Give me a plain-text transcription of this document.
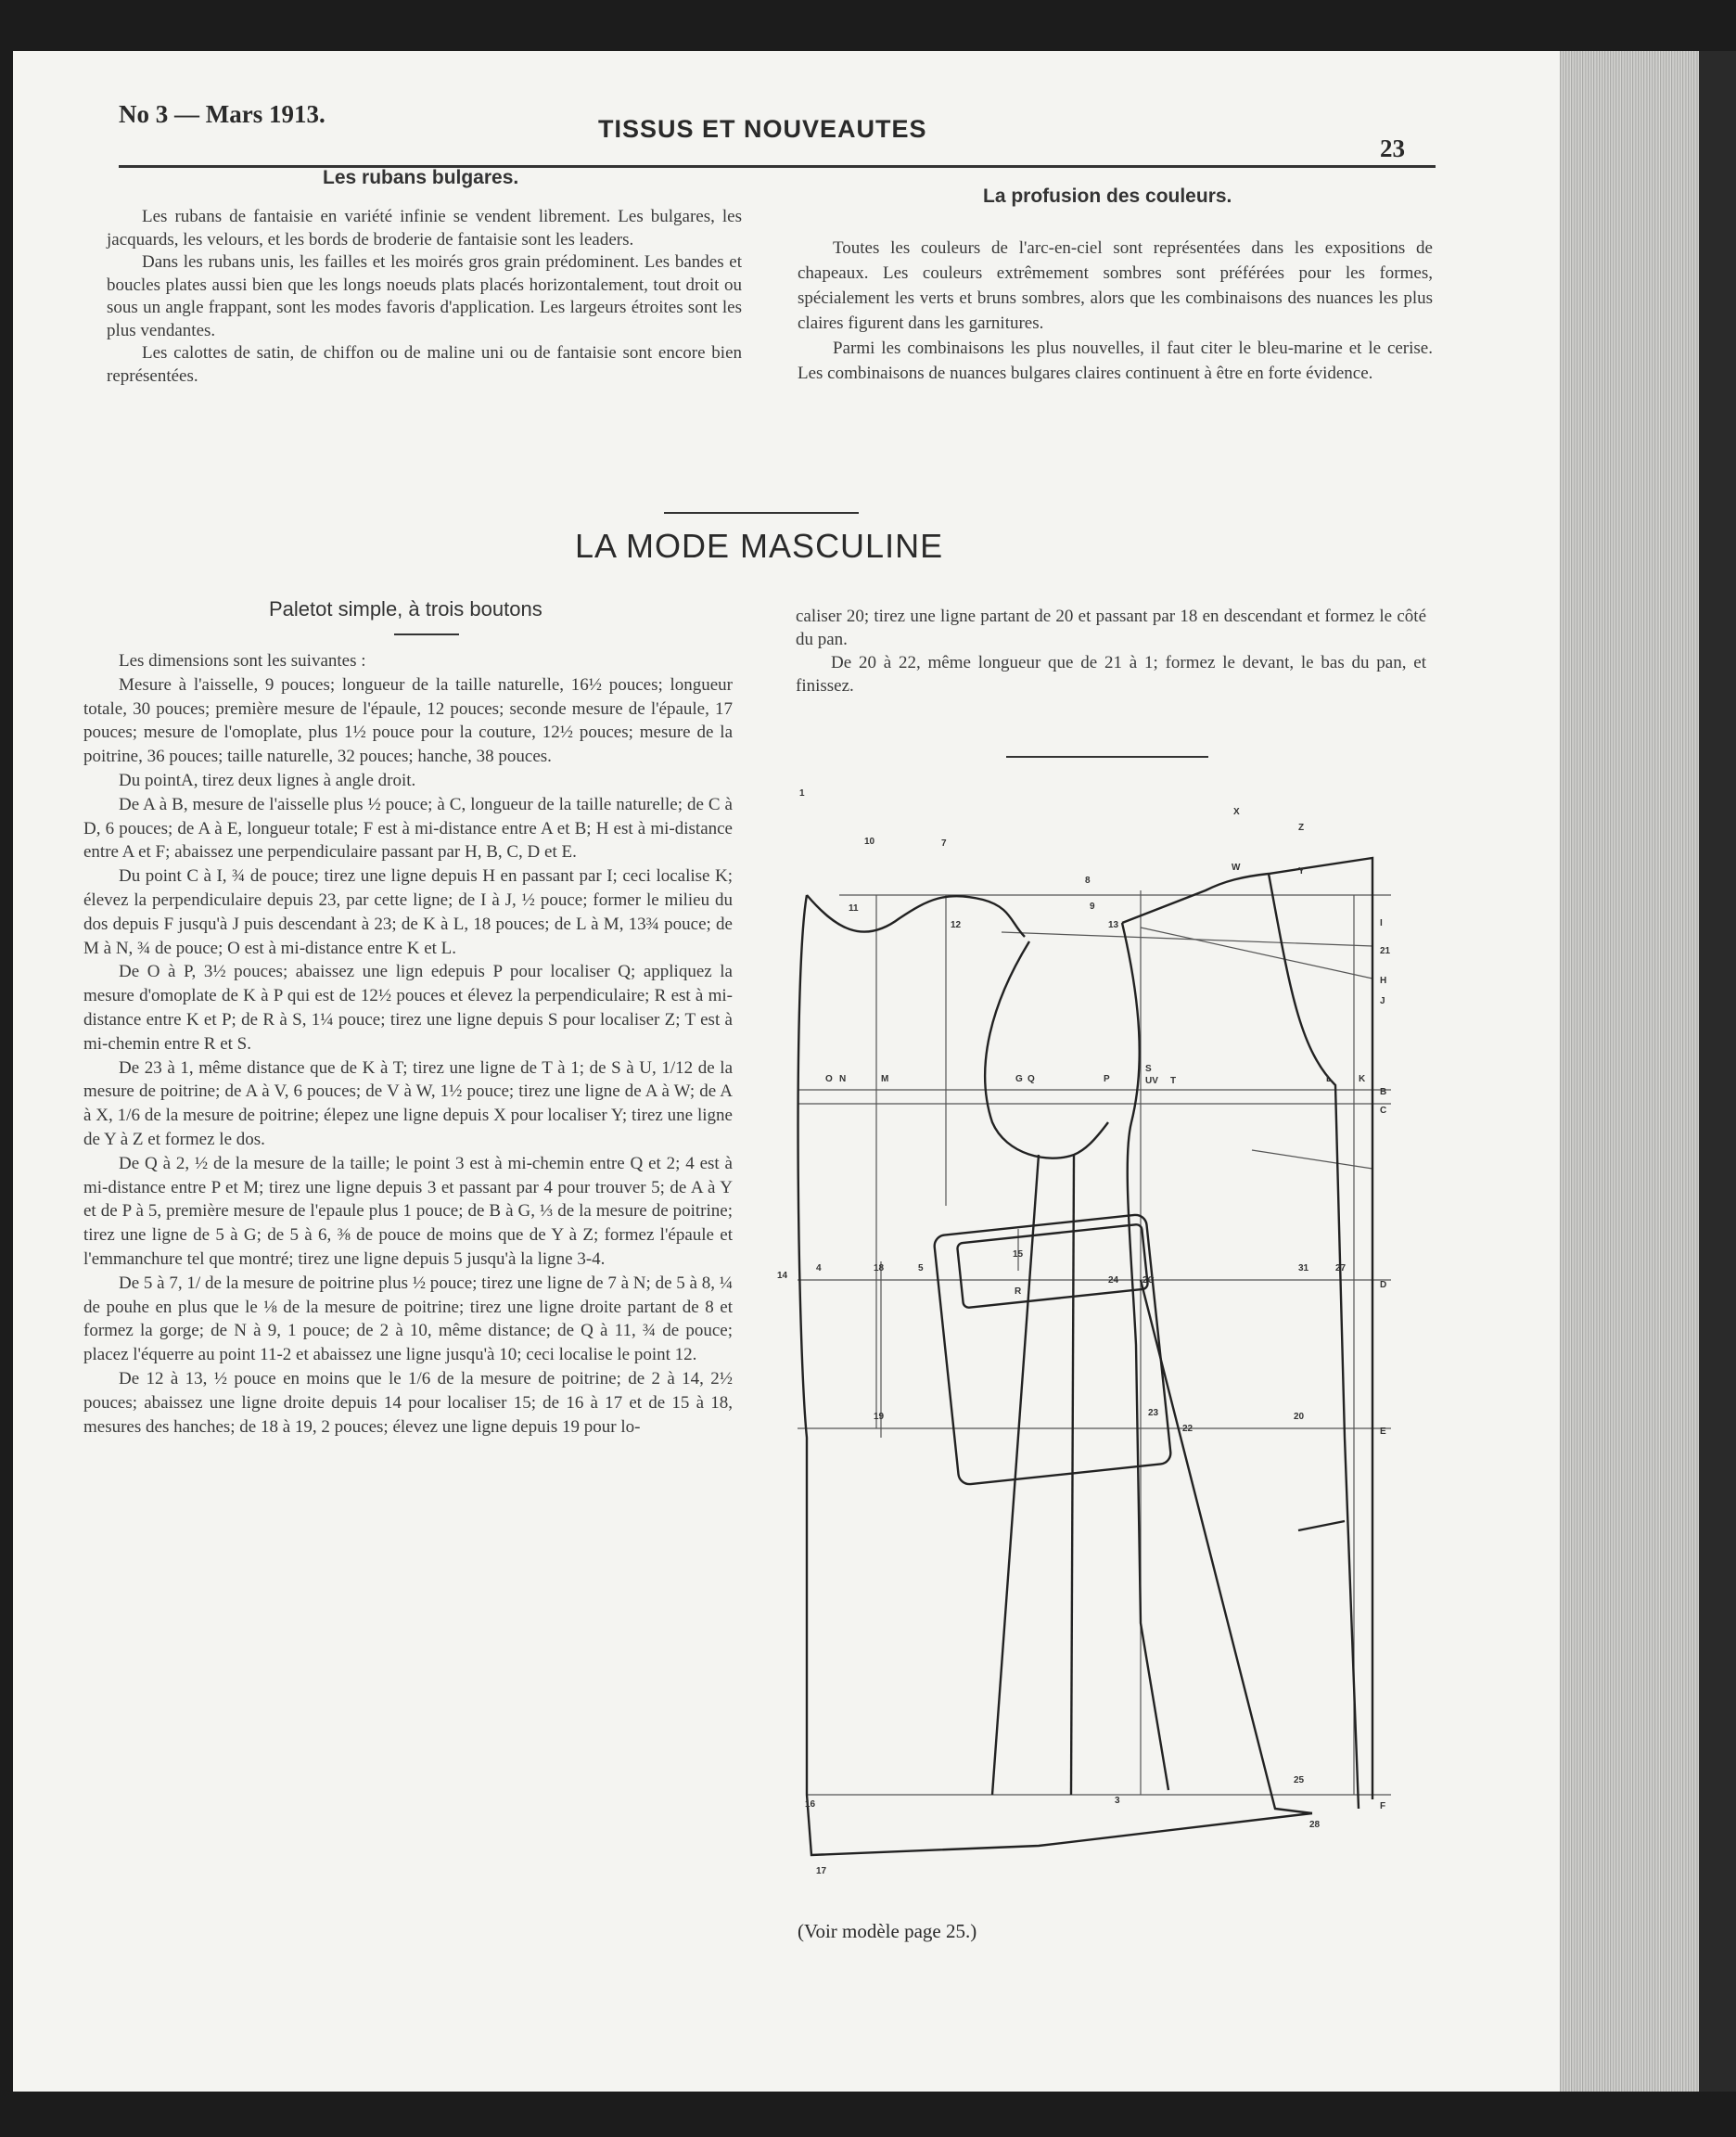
No 3 — Mars 1913.
TISSUS ET NOUVEAUTES
23
Les rubans bulgares.

Les rubans de fantaisie en variété infinie se vendent librement. Les bulgares, les jacquards, les velours, et les bords de broderie de fantaisie sont les leaders.

Dans les rubans unis, les failles et les moirés gros grain prédominent. Les bandes et boucles plates aussi bien que les longs noeuds plats placés horizontalement, tout droit ou sous un angle frappant, sont les modes favoris d'application. Les largeurs étroites sont les plus vendantes.

Les calottes de satin, de chiffon ou de maline uni ou de fantaisie sont encore bien représentées.

La profusion des couleurs.

Toutes les couleurs de l'arc-en-ciel sont représentées dans les expositions de chapeaux. Les couleurs extrêmement sombres sont préférées pour les formes, spécialement les verts et bruns sombres, alors que les combinaisons des nuances les plus claires figurent dans les garnitures.

Parmi les combinaisons les plus nouvelles, il faut citer le bleu-marine et le cerise. Les combinaisons de nuances bulgares claires continuent à être en forte évidence.

LA MODE MASCULINE
Paletot simple, à trois boutons

Les dimensions sont les suivantes :

Mesure à l'aisselle, 9 pouces; longueur de la taille naturelle, 16½ pouces; longueur totale, 30 pouces; première mesure de l'épaule, 12 pouces; seconde mesure de l'épaule, 17 pouces; mesure de l'omoplate, plus 1½ pouce pour la couture, 12½ pouces; mesure de la poitrine, 36 pouces; taille naturelle, 32 pouces; hanche, 38 pouces.

Du pointA, tirez deux lignes à angle droit.

De A à B, mesure de l'aisselle plus ½ pouce; à C, longueur de la taille naturelle; de C à D, 6 pouces; de A à E, longueur totale; F est à mi-distance entre A et B; H est à mi-distance entre A et F; abaissez une perpendiculaire passant par H, B, C, D et E.

Du point C à I, ¾ de pouce; tirez une ligne depuis H en passant par I; ceci localise K; élevez la perpendiculaire depuis 23, par cette ligne; de I à J, ½ pouce; former le milieu du dos depuis F jusqu'à J puis descendant à 23; de K à L, 18 pouces; de L à M, 13¾ pouce; de M à N, ¾ de pouce; O est à mi-distance entre K et L.

De O à P, 3½ pouces; abaissez une lign edepuis P pour localiser Q; appliquez la mesure d'omoplate de K à P qui est de 12½ pouces et élevez la perpendiculaire; R est à mi-distance entre K et P; de R à S, 1¼ pouce; tirez une ligne depuis S pour localiser Z; T est à mi-chemin entre R et S.

De 23 à 1, même distance que de K à T; tirez une ligne de T à 1; de S à U, 1/12 de la mesure de poitrine; de A à V, 6 pouces; de V à W, 1½ pouce; tirez une ligne de A à W; de A à X, 1/6 de la mesure de poitrine; élepez une ligne depuis X pour localiser Y; tirez une ligne de Y à Z et formez le dos.

De Q à 2, ½ de la mesure de la taille; le point 3 est à mi-chemin entre Q et 2; 4 est à mi-distance entre P et M; tirez une ligne depuis 3 et passant par 4 pour trouver 5; de A à Y et de P à 5, première mesure de l'epaule plus 1 pouce; de B à G, ⅓ de la mesure de poitrine; tirez une ligne de 5 à G; de 5 à 6, ⅜ de pouce de moins que de Y à Z; formez l'épaule et l'emmanchure tel que montré; tirez une ligne depuis 5 jusqu'à la ligne 3-4.

De 5 à 7, 1/ de la mesure de poitrine plus ½ pouce; tirez une ligne de 7 à N; de 5 à 8, ¼ de pouhe en plus que le ⅛ de la mesure de poitrine; tirez une ligne droite partant de 8 et formez la gorge; de N à 9, 1 pouce; de 2 à 10, même distance; de Q à 11, ¾ de pouce; placez l'équerre au point 11-2 et abaissez une ligne jusqu'à 10; ceci localise le point 12.

De 12 à 13, ½ pouce en moins que le 1/6 de la mesure de poitrine; de 2 à 14, 2½ pouces; abaissez une ligne droite depuis 14 pour localiser 15; de 16 à 17 et de 15 à 18, mesures des hanches; de 18 à 19, 2 pouces; élevez une ligne depuis 19 pour lo-

caliser 20; tirez une ligne partant de 20 et passant par 18 en descendant et formez le côté du pan.

De 20 à 22, même longueur que de 21 à 1; formez le devant, le bas du pan, et finissez.

1
10	7
X
Z
W	Y
8
9
11
12	13
O N	M	G Q	P
S
UV T	L	K
B
C
I
21
H
J
14
4	18	5
15
R
24	2C
31	27
D
19	23
22
20
E
16	3
25
28
F
17
(Voir modèle page 25.)
